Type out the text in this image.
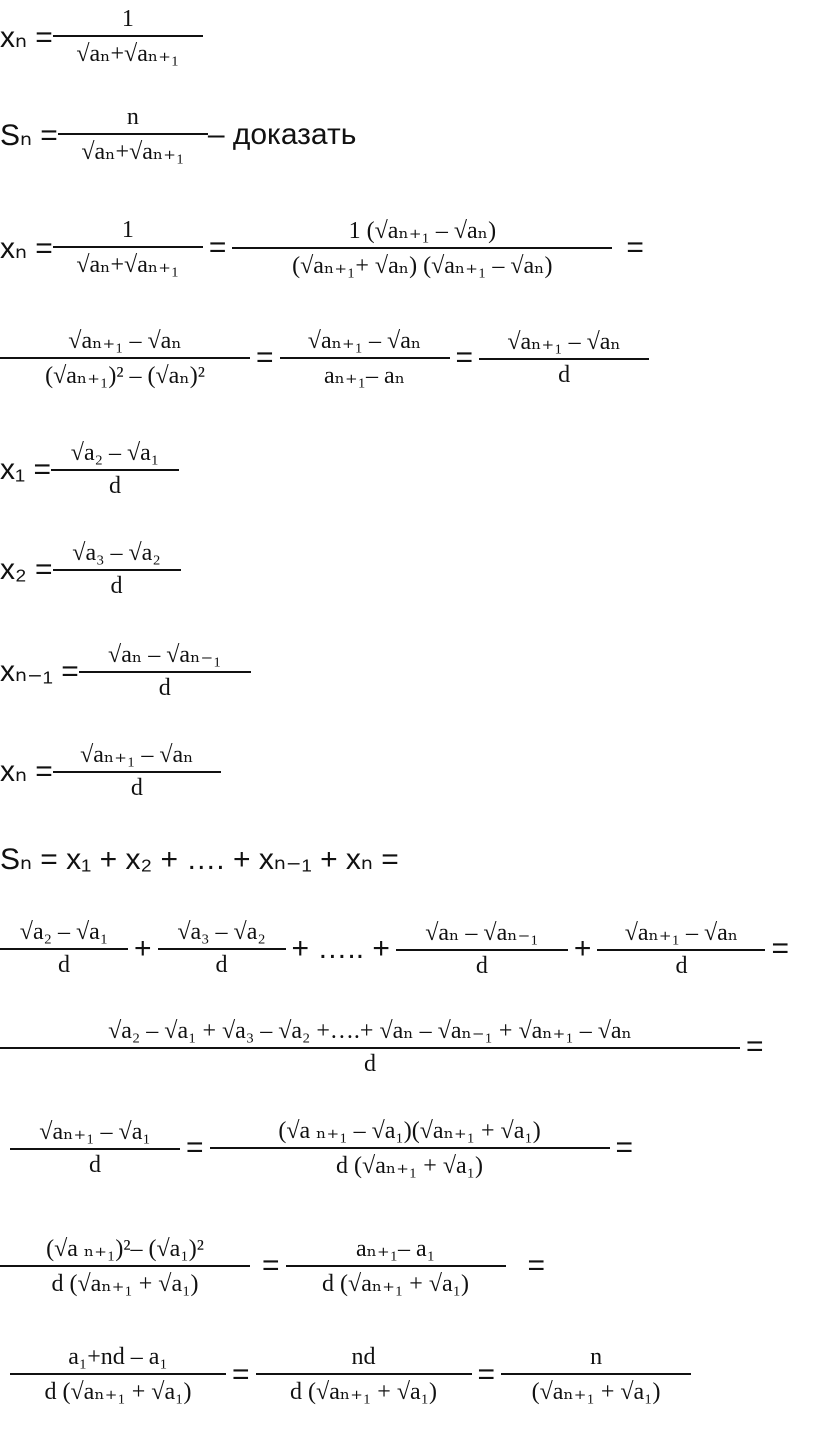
$x_n = \frac{1}{\text{√aₙ+√aₙ₊₁}}$
$S_n = \frac{n}{\text{√aₙ+√aₙ₊₁}}$ – доказать
$x_n = \frac{1}{\text{√aₙ+√aₙ₊₁}} = \frac{\text{1 (√aₙ₊₁ – √aₙ)}}{\text{(√aₙ₊₁+ √aₙ) (√aₙ₊₁ – √aₙ)}}$ =
$\frac{\text{√aₙ₊₁ – √aₙ}}{\text{(√aₙ₊₁)² – (√aₙ)²}} = \frac{\text{√aₙ₊₁ – √aₙ}}{\text{aₙ₊₁– aₙ}} = \frac{\text{√aₙ₊₁ – √aₙ}}{d}$
$x_1 = \frac{\text{√a₂ – √a₁}}{d}$
$x_2 = \frac{\text{√a₃ – √a₂}}{d}$
$x_{n-1} = \frac{\text{√aₙ – √aₙ₋₁}}{d}$
$x_n = \frac{\text{√aₙ₊₁ – √aₙ}}{d}$
Sₙ = x₁ + x₂ + …. + xₙ₋₁ + xₙ =
$\frac{\text{√a₂ – √a₁}}{d} + \frac{\text{√a₃ – √a₂}}{d}$ + ….. + $\frac{\text{√aₙ – √aₙ₋₁}}{d} + \frac{\text{√aₙ₊₁ – √aₙ}}{d}$ =
$\frac{\text{√a₂ – √a₁ + √a₃ – √a₂ +….+ √aₙ – √aₙ₋₁ + √aₙ₊₁ – √aₙ}}{d}$ =
$\frac{\text{√aₙ₊₁ – √a₁}}{d} = \frac{\text{(√a ₙ₊₁ – √a₁)(√aₙ₊₁ + √a₁)}}{\text{d (√aₙ₊₁ + √a₁)}}$ =
$\frac{\text{(√a ₙ₊₁)²– (√a₁)²}}{\text{d (√aₙ₊₁ + √a₁)}} = \frac{\text{aₙ₊₁– a₁}}{\text{d (√aₙ₊₁ + √a₁)}}$ =
$\frac{\text{a₁+nd – a₁}}{\text{d (√aₙ₊₁ + √a₁)}} = \frac{nd}{\text{d (√aₙ₊₁ + √a₁)}} = \frac{n}{\text{(√aₙ₊₁ + √a₁)}}$
